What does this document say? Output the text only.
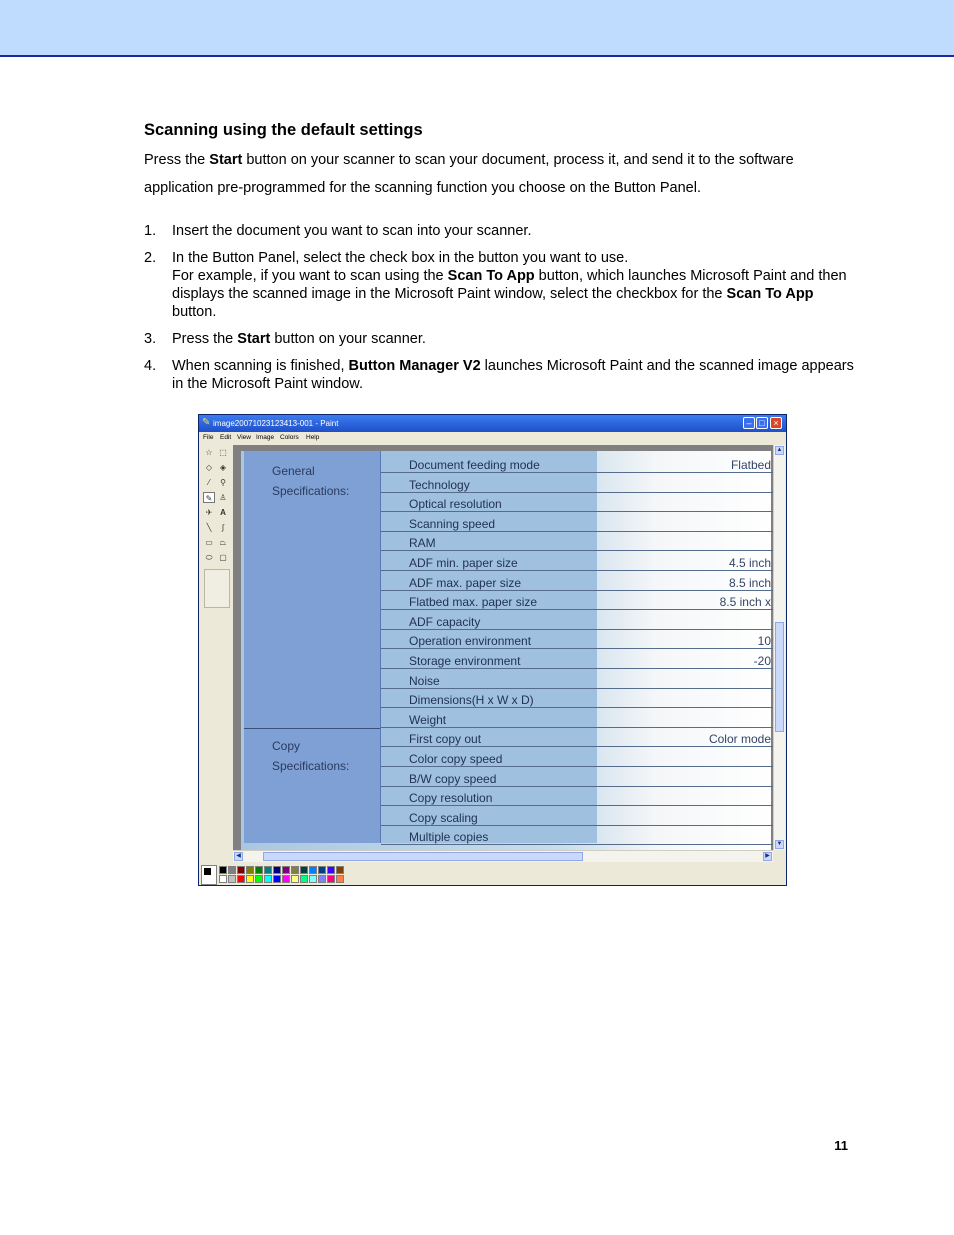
Scanning using the default settings
Press the Start button on your scanner to scan your document, process it, and send it to the software application pre-programmed for the scanning function you choose on the Button Panel.
1. Insert the document you want to scan into your scanner.
2. In the Button Panel, select the check box in the button you want to use.
For example, if you want to scan using the Scan To App button, which launches Microsoft Paint and then displays the scanned image in the Microsoft Paint window, select the checkbox for the Scan To App button.
3. Press the Start button on your scanner.
4. When scanning is finished, Button Manager V2 launches Microsoft Paint and the scanned image appears in the Microsoft Paint window.
✎ image20071023123413-001 - Paint	– □ ×
File Edit View Image Colors Help
☆ ⬚
◇ ◈
⁄	⚲
✎ ♙
✈ A
╲	∫
▭ ⏢
⬭ ▢
General
Specifications:
Copy
Specifications:
Document feeding mode	Flatbed
Technology
Optical resolution
Scanning speed
RAM
ADF min. paper size	4.5 inch
ADF max. paper size	8.5 inch
Flatbed max. paper size	8.5 inch x
ADF capacity
Operation environment	10
Storage environment	-20
Noise
Dimensions(H x W x D)
Weight
First copy out	Color mode
Color copy speed
B/W copy speed
Copy resolution
Copy scaling
Multiple copies
▲
▼
◀	▶
11
